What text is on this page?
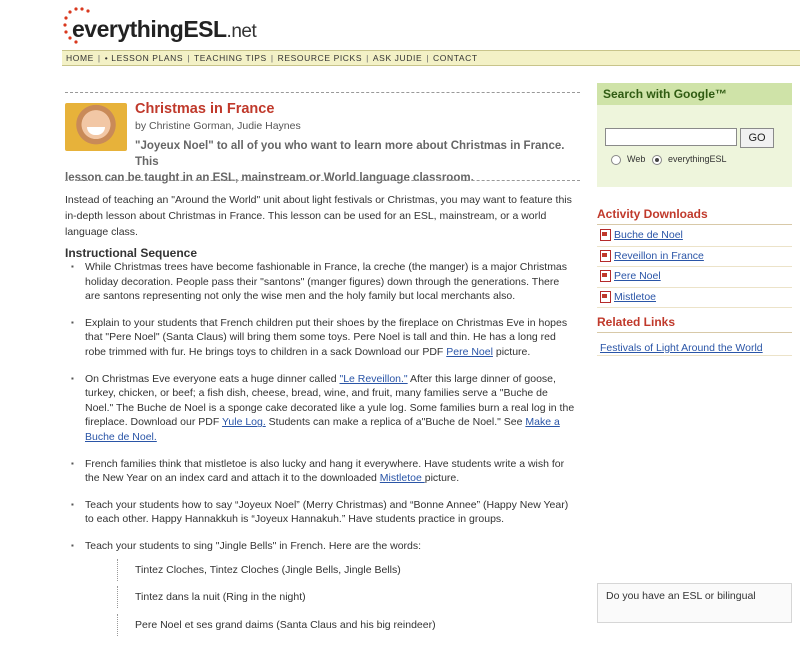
everythingESL.net
HOME | • LESSON PLANS | TEACHING TIPS | RESOURCE PICKS | ASK JUDIE | CONTACT
Christmas in France
by Christine Gorman, Judie Haynes
"Joyeux Noel" to all of you who want to learn more about Christmas in France. This
lesson can be taught in an ESL, mainstream or World language classroom.
Instead of teaching an "Around the World" unit about light festivals or Christmas, you may want to feature this in-depth lesson about Christmas in France. This lesson can be used for an ESL, mainstream, or a world language class.
Instructional Sequence
▪ While Christmas trees have become fashionable in France, la creche (the manger) is a major Christmas holiday decoration. People pass their "santons" (manger figures) down through the generations. There are santons representing not only the wise men and the holy family but local merchants also.
▪ Explain to your students that French children put their shoes by the fireplace on Christmas Eve in hopes that "Pere Noel" (Santa Claus) will bring them some toys. Pere Noel is tall and thin. He has a long red robe trimmed with fur. He brings toys to children in a sack Download our PDF Pere Noel picture.
▪ On Christmas Eve everyone eats a huge dinner called "Le Reveillon." After this large dinner of goose, turkey, chicken, or beef; a fish dish, cheese, bread, wine, and fruit, many families serve a "Buche de Noel." The Buche de Noel is a sponge cake decorated like a yule log. Some families burn a real log in the fireplace. Download our PDF Yule Log. Students can make a replica of a"Buche de Noel." See Make a Buche de Noel.
▪ French families think that mistletoe is also lucky and hang it everywhere. Have students write a wish for the New Year on an index card and attach it to the downloaded Mistletoe picture.
▪ Teach your students how to say “Joyeux Noel” (Merry Christmas) and “Bonne Annee” (Happy New Year) to each other. Happy Hannakkuh is “Joyeux Hannakuh.” Have students practice in groups.
▪ Teach your students to sing "Jingle Bells" in French. Here are the words:
Tintez Cloches, Tintez Cloches (Jingle Bells, Jingle Bells)
Tintez dans la nuit (Ring in the night)
Pere Noel et ses grand daims (Santa Claus and his big reindeer)
Search with Google™
GO
Web	everythingESL
Activity Downloads
Buche de Noel
Reveillon in France
Pere Noel
Mistletoe
Related Links
Festivals of Light Around the World
Do you have an ESL or bilingual
